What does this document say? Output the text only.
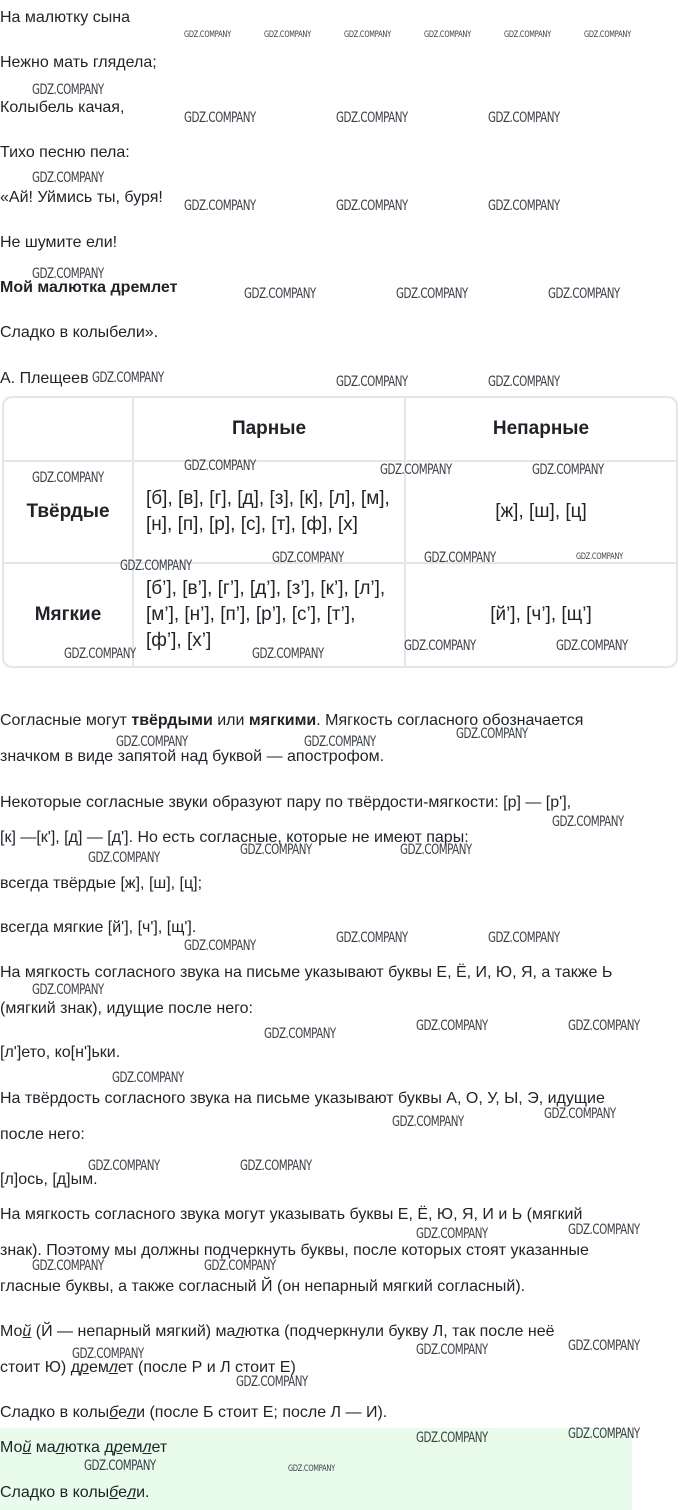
На малютку сына
Нежно мать глядела;
Колыбель качая,
Тихо песню пела:
«Ай! Уймись ты, буря!
Не шумите ели!
Мой малютка дремлет
Сладко в колыбели».
А. Плещеев
	Парные	Непарные
Твёрдые	[б], [в], [г], [д], [з], [к], [л], [м], [н], [п], [р], [с], [т], [ф], [х]	[ж], [ш], [ц]
Мягкие	[б’], [в’], [г’], [д’], [з’], [к’], [л’], [м’], [н’], [п’], [р’], [с’], [т’], [ф’], [х’]	[й’], [ч’], [щ’]
Согласные могут твёрдыми или мягкими. Мягкость согласного обозначается
значком в виде запятой над буквой — апострофом.
Некоторые согласные звуки образуют пару по твёрдости-мягкости: [р] — [р'],
[к] —[к'], [д] — [д']. Но есть согласные, которые не имеют пары:
всегда твёрдые [ж], [ш], [ц];
всегда мягкие [й'], [ч'], [щ'].
На мягкость согласного звука на письме указывают буквы Е, Ё, И, Ю, Я, а также Ь
(мягкий знак), идущие после него:
[л']ето, ко[н']ьки.
На твёрдость согласного звука на письме указывают буквы А, О, У, Ы, Э, идущие
после него:
[л]ось, [д]ым.
На мягкость согласного звука могут указывать буквы Е, Ё, Ю, Я, И и Ь (мягкий
знак). Поэтому мы должны подчеркнуть буквы, после которых стоят указанные
гласные буквы, а также согласный Й (он непарный мягкий согласный).
Мой (Й — непарный мягкий) малютка (подчеркнули букву Л, так после неё
стоит Ю) дремлет (после Р и Л стоит Е)
Сладко в колыбели (после Б стоит Е; после Л — И).
Мой малютка дремлет
Сладко в колыбели.
GDZ.COMPANY	GDZ.COMPANY	GDZ.COMPANY	GDZ.COMPANY	GDZ.COMPANY	GDZ.COMPANY
GDZ.COMPANY
GDZ.COMPANY	GDZ.COMPANY	GDZ.COMPANY
GDZ.COMPANY
GDZ.COMPANY	GDZ.COMPANY	GDZ.COMPANY
GDZ.COMPANY
GDZ.COMPANY	GDZ.COMPANY	GDZ.COMPANY
GDZ.COMPANY	GDZ.COMPANY	GDZ.COMPANY
GDZ.COMPANY
GDZ.COMPANY	GDZ.COMPANY	GDZ.COMPANY
GDZ.COMPANY	GDZ.COMPANY	GDZ.COMPANY	GDZ.COMPANY
GDZ.COMPANY	GDZ.COMPANY	GDZ.COMPANY	GDZ.COMPANY
GDZ.COMPANY	GDZ.COMPANY	GDZ.COMPANY
GDZ.COMPANY
GDZ.COMPANY	GDZ.COMPANY	GDZ.COMPANY
GDZ.COMPANY	GDZ.COMPANY	GDZ.COMPANY
GDZ.COMPANY
GDZ.COMPANY	GDZ.COMPANY	GDZ.COMPANY
GDZ.COMPANY
GDZ.COMPANY	GDZ.COMPANY
GDZ.COMPANY	GDZ.COMPANY
GDZ.COMPANY	GDZ.COMPANY
GDZ.COMPANY	GDZ.COMPANY
GDZ.COMPANY	GDZ.COMPANY	GDZ.COMPANY
GDZ.COMPANY
GDZ.COMPANY	GDZ.COMPANY
GDZ.COMPANY	GDZ.COMPANY
